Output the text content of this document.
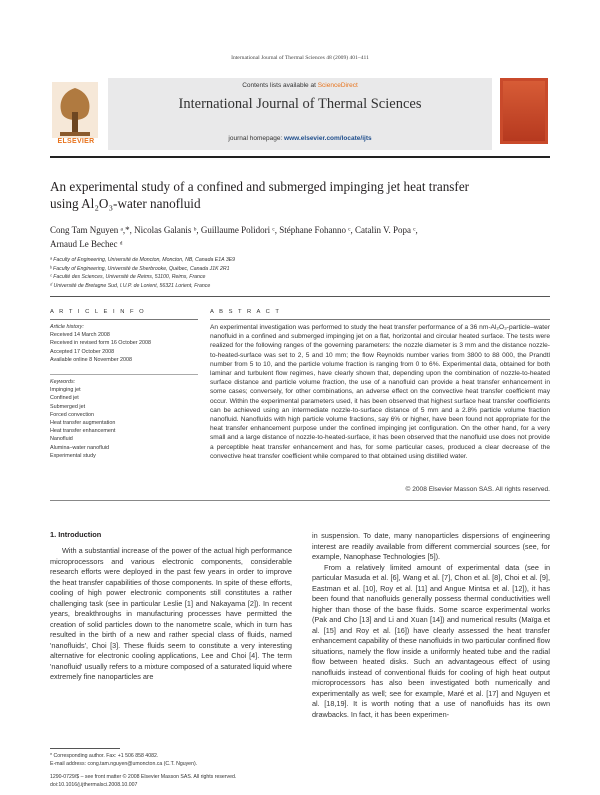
International Journal of Thermal Sciences 48 (2009) 401–411
ELSEVIER
Contents lists available at ScienceDirect
International Journal of Thermal Sciences
journal homepage: www.elsevier.com/locate/ijts
An experimental study of a confined and submerged impinging jet heat transfer
using Al₂O₃-water nanofluid
Cong Tam Nguyen ᵃ,*, Nicolas Galanis ᵇ, Guillaume Polidori ᶜ, Stéphane Fohanno ᶜ, Catalin V. Popa ᶜ,
Arnaud Le Bechec ᵈ
ᵃ Faculty of Engineering, Université de Moncton, Moncton, NB, Canada E1A 3E9
ᵇ Faculty of Engineering, Université de Sherbrooke, Québec, Canada J1K 2R1
ᶜ Faculté des Sciences, Université de Reims, 51100, Reims, France
ᵈ Université de Bretagne Sud, I.U.P. de Lorient, 56321 Lorient, France
A R T I C L E I N F O	A B S T R A C T
Article history:
Received 14 March 2008
Received in revised form 16 October 2008
Accepted 17 October 2008
Available online 8 November 2008
Keywords:
Impinging jet
Confined jet
Submerged jet
Forced convection
Heat transfer augmentation
Heat transfer enhancement
Nanofluid
Alumina–water nanofluid
Experimental study
An experimental investigation was performed to study the heat transfer performance of a 36 nm-Al₂O₃-particle–water nanofluid in a confined and submerged impinging jet on a flat, horizontal and circular heated surface. The tests were realized for the following ranges of the governing parameters: the nozzle diameter is 3 mm and the distance nozzle-to-heated-surface was set to 2, 5 and 10 mm; the flow Reynolds number varies from 3800 to 88 000, the Prandtl number from 5 to 10, and the particle volume fraction is ranging from 0 to 6%. Experimental data, obtained for both laminar and turbulent flow regimes, have clearly shown that, depending upon the combination of nozzle-to-heated surface distance and particle volume fraction, the use of a nanofluid can provide a heat transfer enhancement in some cases; conversely, for other combinations, an adverse effect on the convective heat transfer coefficient may occur. Within the experimental parameters used, it has been observed that highest surface heat transfer coefficients can be achieved using an intermediate nozzle-to-surface distance of 5 mm and a 2.8% particle volume fraction nanofluid. Nanofluids with high particle volume fractions, say 6% or higher, have been found not appropriate for the heat transfer enhancement purpose under the confined impinging jet configuration. On the other hand, for a very small and a large distance of nozzle-to-heated-surface, it has been observed that the nanofluid use does not provide a perceptible heat transfer enhancement and has, for some particular cases, produced a clear decrease of the convective heat transfer coefficient while compared to that obtained using distilled water.
© 2008 Elsevier Masson SAS. All rights reserved.
1. Introduction

With a substantial increase of the power of the actual high performance microprocessors and various electronic components, considerable research efforts were deployed in the past few years in order to improve the heat transfer capabilities of those components. In spite of these efforts, cooling of high power electronic components still constitutes a rather challenging task (see in particular Leslie [1] and Nakayama [2]). In recent years, breakthroughs in manufacturing processes have permitted the creation of solid particles down to the nanometre scale, which in turn has resulted in the birth of a new and rather special class of fluids, named 'nanofluids', Choi [3]. These fluids seem to constitute a very interesting alternative for electronic cooling applications, Lee and Choi [4]. The term 'nanofluid' usually refers to a mixture composed of a saturated liquid where extremely fine nanoparticles are

in suspension. To date, many nanoparticles dispersions of engineering interest are readily available from different commercial sources (see, for example, Nanophase Technologies [5]).

From a relatively limited amount of experimental data (see in particular Masuda et al. [6], Wang et al. [7], Chon et al. [8], Choi et al. [9], Eastman et al. [10], Roy et al. [11] and Angue Mintsa et al. [12]), it has been found that nanofluids generally possess thermal conductivities well higher than those of the base fluids. Some scarce experimental works (Pak and Cho [13] and Li and Xuan [14]) and numerical results (Maïga et al. [15] and Roy et al. [16]) have clearly assessed the heat transfer enhancement capability of these nanofluids in two particular confined flow situations, namely the flow inside a uniformly heated tube and the radial flow between heated disks. Such an advantageous effect of using nanofluids instead of conventional fluids for cooling of high heat output microprocessors has also been investigated both numerically and experimentally as well; see for example, Maré et al. [17] and Nguyen et al. [18,19]. It is worth noting that a use of nanofluids has its own drawbacks. In fact, it has been experimen-

* Corresponding author. Fax: +1 506 858 4082.
E-mail address: cong.tam.nguyen@umoncton.ca (C.T. Nguyen).
1290-0729/$ – see front matter © 2008 Elsevier Masson SAS. All rights reserved.
doi:10.1016/j.ijthermalsci.2008.10.007
